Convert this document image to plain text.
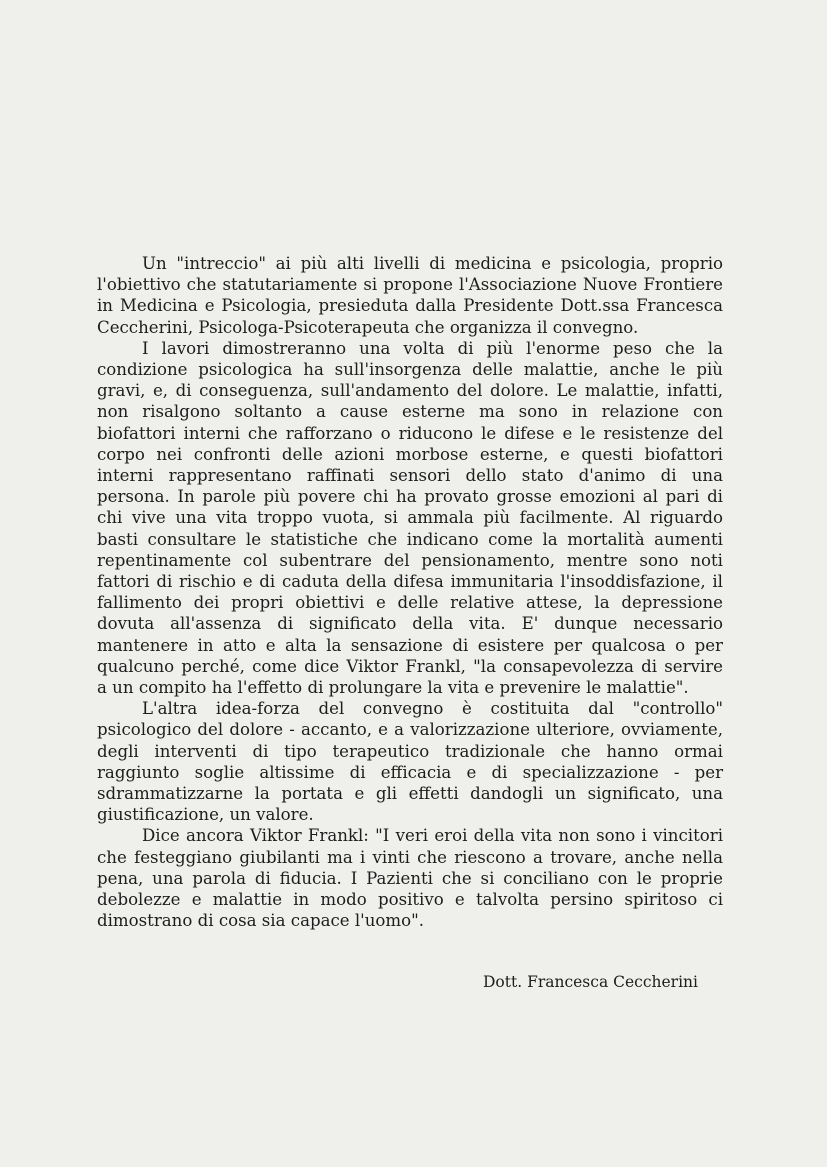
Un "intreccio" ai più alti livelli di medicina e psicologia, proprio
l'obiettivo che statutariamente si propone l'Associazione Nuove Frontiere
in Medicina e Psicologia, presieduta dalla Presidente Dott.ssa Francesca
Ceccherini, Psicologa-Psicoterapeuta che organizza il convegno.

I lavori dimostreranno una volta di più l'enorme peso che la
condizione psicologica ha sull'insorgenza delle malattie, anche le più
gravi, e, di conseguenza, sull'andamento del dolore. Le malattie, infatti,
non risalgono soltanto a cause esterne ma sono in relazione con
biofattori interni che rafforzano o riducono le difese e le resistenze del
corpo nei confronti delle azioni morbose esterne, e questi biofattori
interni rappresentano raffinati sensori dello stato d'animo di una
persona. In parole più povere chi ha provato grosse emozioni al pari di
chi vive una vita troppo vuota, si ammala più facilmente. Al riguardo
basti consultare le statistiche che indicano come la mortalità aumenti
repentinamente col subentrare del pensionamento, mentre sono noti
fattori di rischio e di caduta della difesa immunitaria l'insoddisfazione, il
fallimento dei propri obiettivi e delle relative attese, la depressione
dovuta all'assenza di significato della vita. E' dunque necessario
mantenere in atto e alta la sensazione di esistere per qualcosa o per
qualcuno perché, come dice Viktor Frankl, "la consapevolezza di servire
a un compito ha l'effetto di prolungare la vita e prevenire le malattie".

L'altra idea-forza del convegno è costituita dal "controllo"
psicologico del dolore - accanto, e a valorizzazione ulteriore, ovviamente,
degli interventi di tipo terapeutico tradizionale che hanno ormai
raggiunto soglie altissime di efficacia e di specializzazione - per
sdrammatizzarne la portata e gli effetti dandogli un significato, una
giustificazione, un valore.

Dice ancora Viktor Frankl: "I veri eroi della vita non sono i vincitori
che festeggiano giubilanti ma i vinti che riescono a trovare, anche nella
pena, una parola di fiducia. I Pazienti che si conciliano con le proprie
debolezze e malattie in modo positivo e talvolta persino spiritoso ci
dimostrano di cosa sia capace l'uomo".

Dott. Francesca Ceccherini
